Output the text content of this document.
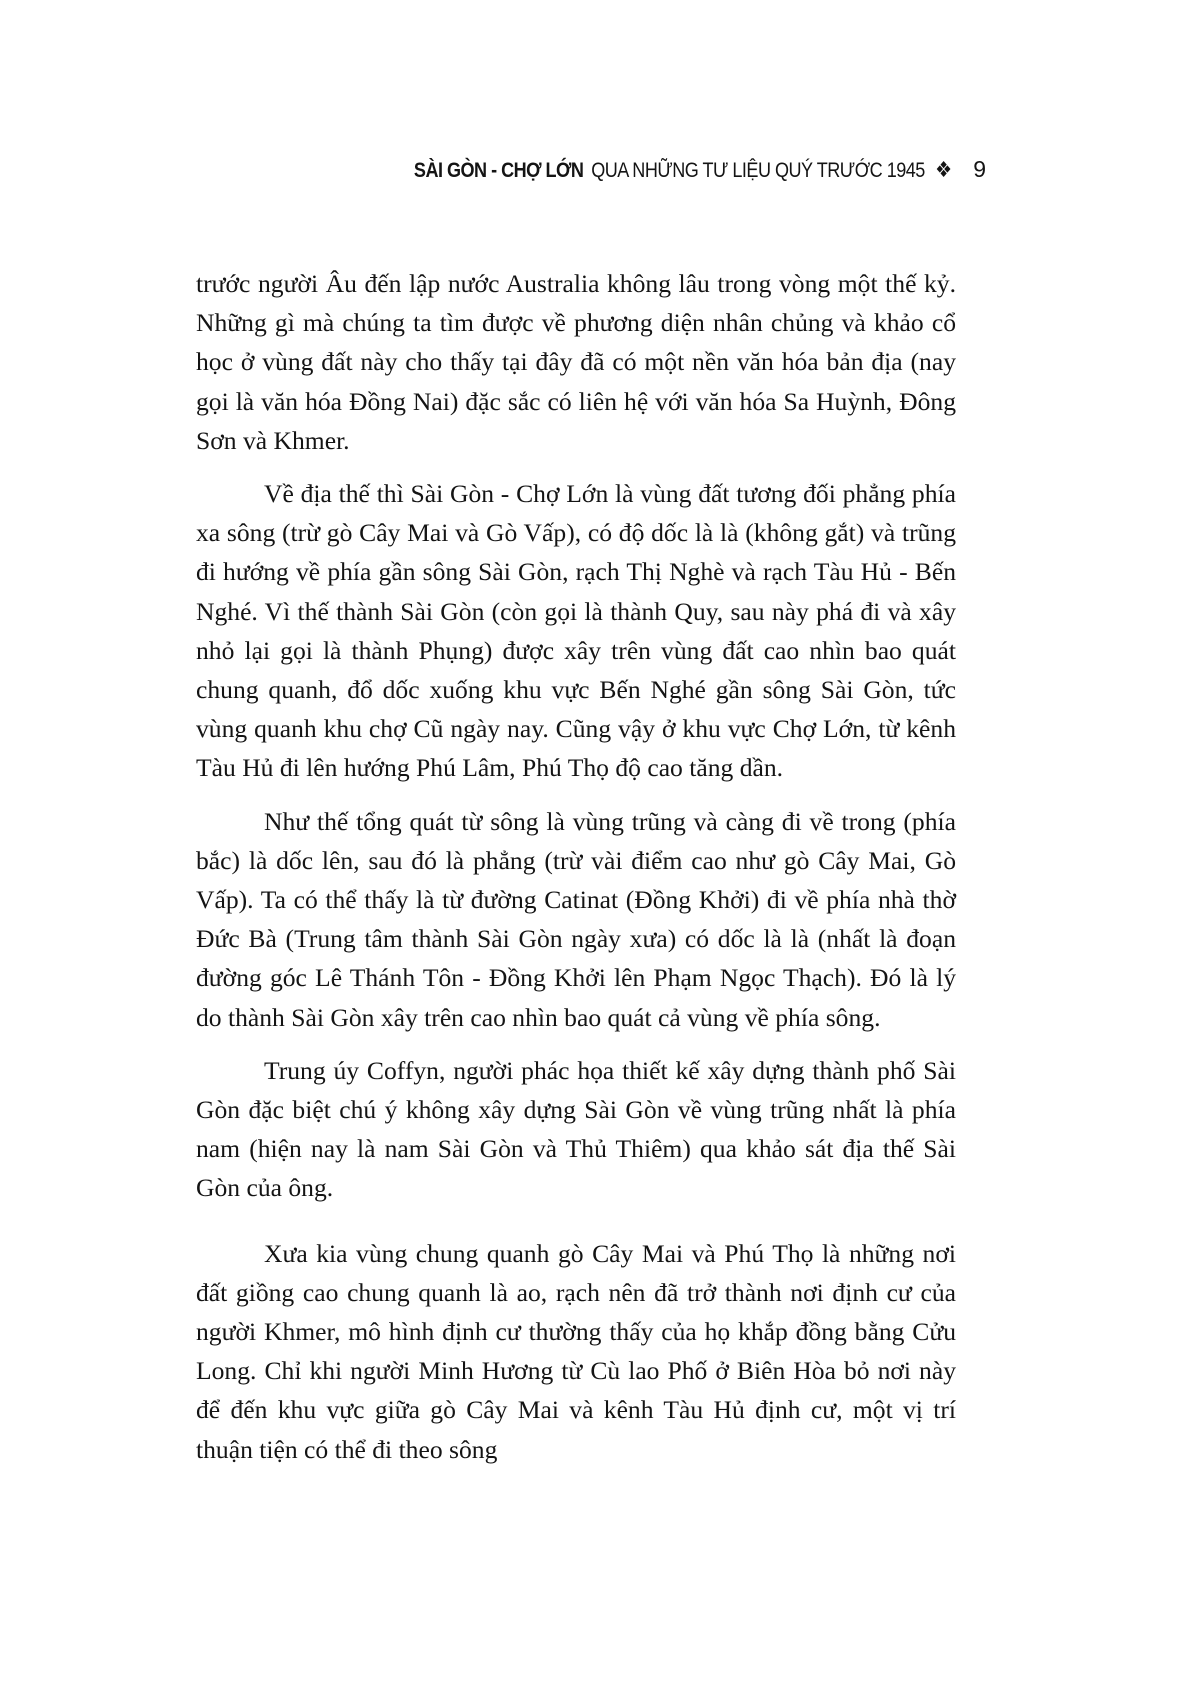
SÀI GÒN - CHỢ LỚN QUA NHỮNG TƯ LIỆU QUÝ TRƯỚC 1945 ❖ 9

trước người Âu đến lập nước Australia không lâu trong vòng một thế kỷ. Những gì mà chúng ta tìm được về phương diện nhân chủng và khảo cổ học ở vùng đất này cho thấy tại đây đã có một nền văn hóa bản địa (nay gọi là văn hóa Đồng Nai) đặc sắc có liên hệ với văn hóa Sa Huỳnh, Đông Sơn và Khmer.

Về địa thế thì Sài Gòn - Chợ Lớn là vùng đất tương đối phẳng phía xa sông (trừ gò Cây Mai và Gò Vấp), có độ dốc là là (không gắt) và trũng đi hướng về phía gần sông Sài Gòn, rạch Thị Nghè và rạch Tàu Hủ - Bến Nghé. Vì thế thành Sài Gòn (còn gọi là thành Quy, sau này phá đi và xây nhỏ lại gọi là thành Phụng) được xây trên vùng đất cao nhìn bao quát chung quanh, đổ dốc xuống khu vực Bến Nghé gần sông Sài Gòn, tức vùng quanh khu chợ Cũ ngày nay. Cũng vậy ở khu vực Chợ Lớn, từ kênh Tàu Hủ đi lên hướng Phú Lâm, Phú Thọ độ cao tăng dần.

Như thế tổng quát từ sông là vùng trũng và càng đi về trong (phía bắc) là dốc lên, sau đó là phẳng (trừ vài điểm cao như gò Cây Mai, Gò Vấp). Ta có thể thấy là từ đường Catinat (Đồng Khởi) đi về phía nhà thờ Đức Bà (Trung tâm thành Sài Gòn ngày xưa) có dốc là là (nhất là đoạn đường góc Lê Thánh Tôn - Đồng Khởi lên Phạm Ngọc Thạch). Đó là lý do thành Sài Gòn xây trên cao nhìn bao quát cả vùng về phía sông.

Trung úy Coffyn, người phác họa thiết kế xây dựng thành phố Sài Gòn đặc biệt chú ý không xây dựng Sài Gòn về vùng trũng nhất là phía nam (hiện nay là nam Sài Gòn và Thủ Thiêm) qua khảo sát địa thế Sài Gòn của ông.

Xưa kia vùng chung quanh gò Cây Mai và Phú Thọ là những nơi đất giồng cao chung quanh là ao, rạch nên đã trở thành nơi định cư của người Khmer, mô hình định cư thường thấy của họ khắp đồng bằng Cửu Long. Chỉ khi người Minh Hương từ Cù lao Phố ở Biên Hòa bỏ nơi này để đến khu vực giữa gò Cây Mai và kênh Tàu Hủ định cư, một vị trí thuận tiện có thể đi theo sông
